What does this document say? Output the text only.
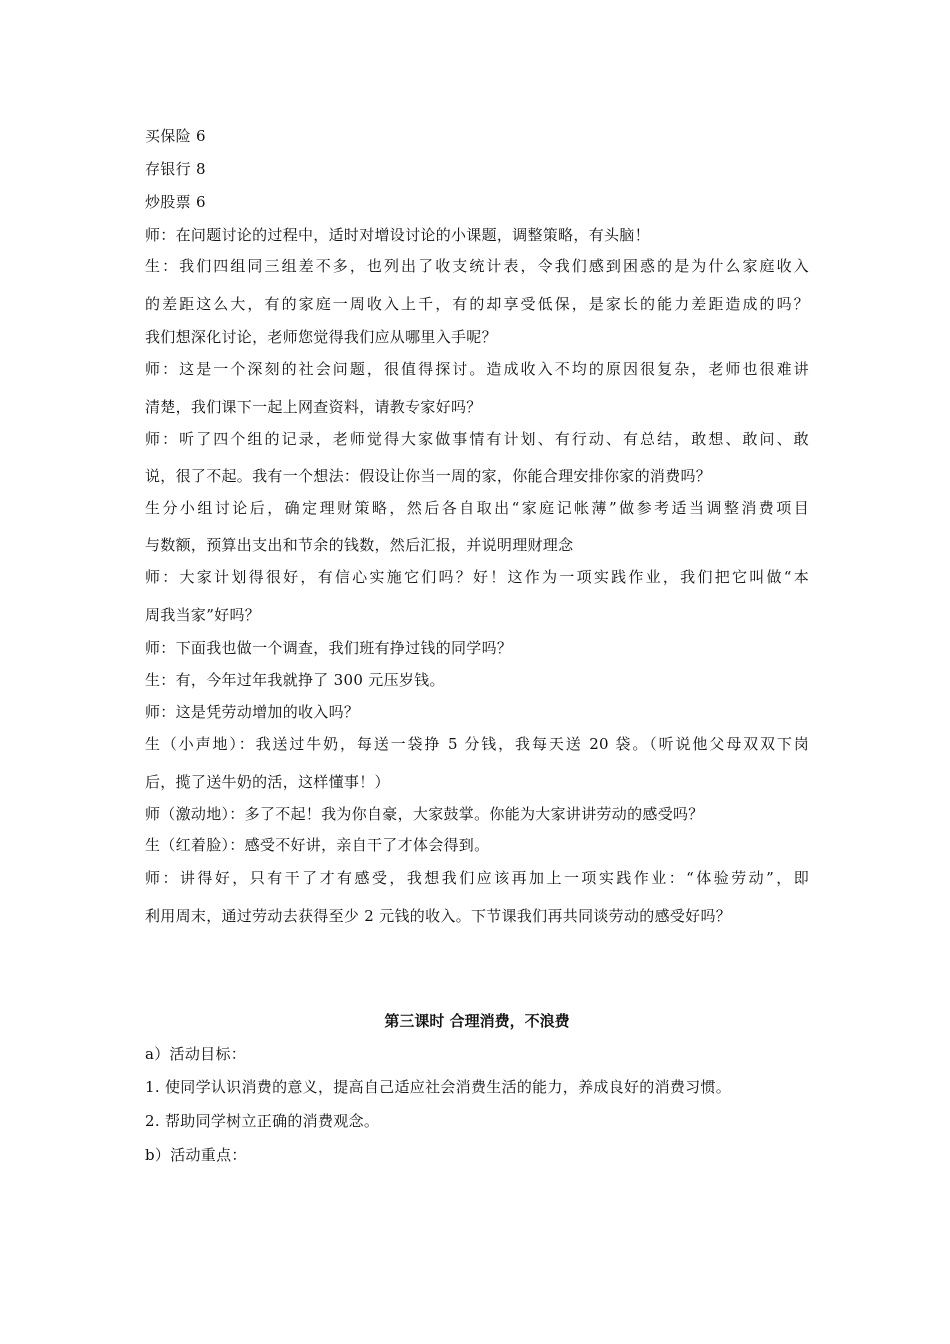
买保险 6
存银行 8
炒股票 6
师：在问题讨论的过程中，适时对增设讨论的小课题，调整策略，有头脑！
生：我们四组同三组差不多，也列出了收支统计表，令我们感到困惑的是为什么家庭收入
的差距这么大，有的家庭一周收入上千，有的却享受低保，是家长的能力差距造成的吗？
我们想深化讨论，老师您觉得我们应从哪里入手呢？
师：这是一个深刻的社会问题，很值得探讨。造成收入不均的原因很复杂，老师也很难讲
清楚，我们课下一起上网查资料，请教专家好吗？
师：听了四个组的记录，老师觉得大家做事情有计划、有行动、有总结，敢想、敢问、敢
说，很了不起。我有一个想法：假设让你当一周的家，你能合理安排你家的消费吗？
生分小组讨论后，确定理财策略，然后各自取出“家庭记帐薄”做参考适当调整消费项目
与数额，预算出支出和节余的钱数，然后汇报，并说明理财理念
师：大家计划得很好，有信心实施它们吗？好！这作为一项实践作业，我们把它叫做“本
周我当家”好吗？
师：下面我也做一个调查，我们班有挣过钱的同学吗？
生：有，今年过年我就挣了 300 元压岁钱。
师：这是凭劳动增加的收入吗？
生（小声地）：我送过牛奶，每送一袋挣 5 分钱，我每天送 20 袋。（听说他父母双双下岗
后，揽了送牛奶的活，这样懂事！）
师（激动地）：多了不起！我为你自豪，大家鼓掌。你能为大家讲讲劳动的感受吗？
生（红着脸）：感受不好讲，亲自干了才体会得到。
师：讲得好，只有干了才有感受，我想我们应该再加上一项实践作业：“体验劳动”，即
利用周末，通过劳动去获得至少 2 元钱的收入。下节课我们再共同谈劳动的感受好吗？
第三课时 合理消费，不浪费
a）活动目标：
1. 使同学认识消费的意义，提高自己适应社会消费生活的能力，养成良好的消费习惯。
2. 帮助同学树立正确的消费观念。
b）活动重点：
